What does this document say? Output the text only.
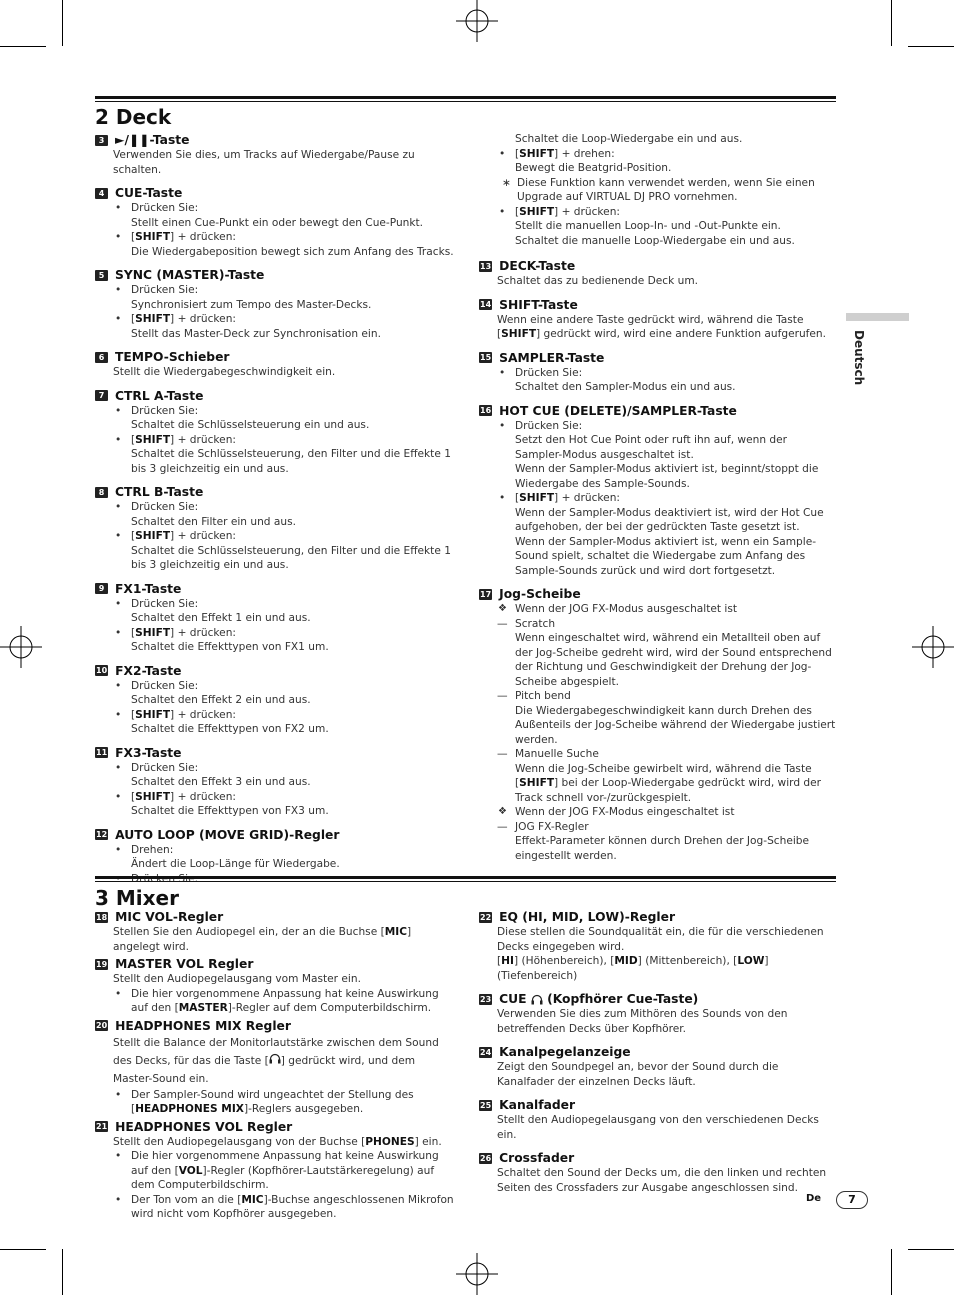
2 Deck
3 ►/❚❚-Taste
Verwenden Sie dies, um Tracks auf Wiedergabe/Pause zu schalten.
4 CUE-Taste
• Drücken Sie:
Stellt einen Cue-Punkt ein oder bewegt den Cue-Punkt.
• [SHIFT] + drücken:
Die Wiedergabeposition bewegt sich zum Anfang des Tracks.
5 SYNC (MASTER)-Taste
• Drücken Sie:
Synchronisiert zum Tempo des Master-Decks.
• [SHIFT] + drücken:
Stellt das Master-Deck zur Synchronisation ein.
6 TEMPO-Schieber
Stellt die Wiedergabegeschwindigkeit ein.
7 CTRL A-Taste
• Drücken Sie:
Schaltet die Schlüsselsteuerung ein und aus.
• [SHIFT] + drücken:
Schaltet die Schlüsselsteuerung, den Filter und die Effekte 1 bis 3 gleichzeitig ein und aus.
8 CTRL B-Taste
• Drücken Sie:
Schaltet den Filter ein und aus.
• [SHIFT] + drücken:
Schaltet die Schlüsselsteuerung, den Filter und die Effekte 1 bis 3 gleichzeitig ein und aus.
9 FX1-Taste
• Drücken Sie:
Schaltet den Effekt 1 ein und aus.
• [SHIFT] + drücken:
Schaltet die Effekttypen von FX1 um.
10 FX2-Taste
• Drücken Sie:
Schaltet den Effekt 2 ein und aus.
• [SHIFT] + drücken:
Schaltet die Effekttypen von FX2 um.
11 FX3-Taste
• Drücken Sie:
Schaltet den Effekt 3 ein und aus.
• [SHIFT] + drücken:
Schaltet die Effekttypen von FX3 um.
12 AUTO LOOP (MOVE GRID)-Regler
• Drehen:
Ändert die Loop-Länge für Wiedergabe.
Schaltet die Loop-Wiedergabe ein und aus.
• [SHIFT] + drehen:
Bewegt die Beatgrid-Position.
∗ Diese Funktion kann verwendet werden, wenn Sie einen Upgrade auf VIRTUAL DJ PRO vornehmen.
• [SHIFT] + drücken:
Stellt die manuellen Loop-In- und -Out-Punkte ein.
Schaltet die manuelle Loop-Wiedergabe ein und aus.
13 DECK-Taste
Schaltet das zu bedienende Deck um.
14 SHIFT-Taste
Wenn eine andere Taste gedrückt wird, während die Taste [SHIFT] gedrückt wird, wird eine andere Funktion aufgerufen.
15 SAMPLER-Taste
• Drücken Sie:
Schaltet den Sampler-Modus ein und aus.
16 HOT CUE (DELETE)/SAMPLER-Taste
• Drücken Sie:
Setzt den Hot Cue Point oder ruft ihn auf, wenn der Sampler-Modus ausgeschaltet ist.
Wenn der Sampler-Modus aktiviert ist, beginnt/stoppt die Wiedergabe des Sample-Sounds.
• [SHIFT] + drücken:
Wenn der Sampler-Modus deaktiviert ist, wird der Hot Cue aufgehoben, der bei der gedrückten Taste gesetzt ist.
Wenn der Sampler-Modus aktiviert ist, wenn ein Sample-Sound spielt, schaltet die Wiedergabe zum Anfang des Sample-Sounds zurück und wird dort fortgesetzt.
17 Jog-Scheibe
❖ Wenn der JOG FX-Modus ausgeschaltet ist
— Scratch
Wenn eingeschaltet wird, während ein Metallteil oben auf der Jog-Scheibe gedreht wird, wird der Sound entsprechend der Richtung und Geschwindigkeit der Drehung der Jog-Scheibe abgespielt.
— Pitch bend
Die Wiedergabegeschwindigkeit kann durch Drehen des Außenteils der Jog-Scheibe während der Wiedergabe justiert werden.
— Manuelle Suche
Wenn die Jog-Scheibe gewirbelt wird, während die Taste [SHIFT] bei der Loop-Wiedergabe gedrückt wird, wird der Track schnell vor-/zurückgespielt.
❖ Wenn der JOG FX-Modus eingeschaltet ist
— JOG FX-Regler
Effekt-Parameter können durch Drehen der Jog-Scheibe eingestellt werden.
3 Mixer
18 MIC VOL-Regler
Stellen Sie den Audiopegel ein, der an die Buchse [MIC] angelegt wird.
19 MASTER VOL Regler
Stellt den Audiopegelausgang vom Master ein.
• Die hier vorgenommene Anpassung hat keine Auswirkung auf den [MASTER]-Regler auf dem Computerbildschirm.
20 HEADPHONES MIX Regler
Stellt die Balance der Monitorlautstärke zwischen dem Sound des Decks, für das die Taste [ ] gedrückt wird, und dem Master-Sound ein.
• Der Sampler-Sound wird ungeachtet der Stellung des [HEADPHONES MIX]-Reglers ausgegeben.
21 HEADPHONES VOL Regler
Stellt den Audiopegelausgang von der Buchse [PHONES] ein.
• Die hier vorgenommene Anpassung hat keine Auswirkung auf den [VOL]-Regler (Kopfhörer-Lautstärkeregelung) auf dem Computerbildschirm.
• Der Ton vom an die [MIC]-Buchse angeschlossenen Mikrofon wird nicht vom Kopfhörer ausgegeben.
22 EQ (HI, MID, LOW)-Regler
Diese stellen die Soundqualität ein, die für die verschiedenen Decks eingegeben wird.
[HI] (Höhenbereich), [MID] (Mittenbereich), [LOW] (Tiefenbereich)
23 CUE

(Kopfhörer Cue-Taste)
Verwenden Sie dies zum Mithören des Sounds von den betreffenden Decks über Kopfhörer.
24 Kanalpegelanzeige
Zeigt den Soundpegel an, bevor der Sound durch die Kanalfader der einzelnen Decks läuft.
25 Kanalfader
Stellt den Audiopegelausgang von den verschiedenen Decks ein.
26 Crossfader
Schaltet den Sound der Decks um, die den linken und rechten Seiten des Crossfaders zur Ausgabe angeschlossen sind.
Deutsch
De	7
